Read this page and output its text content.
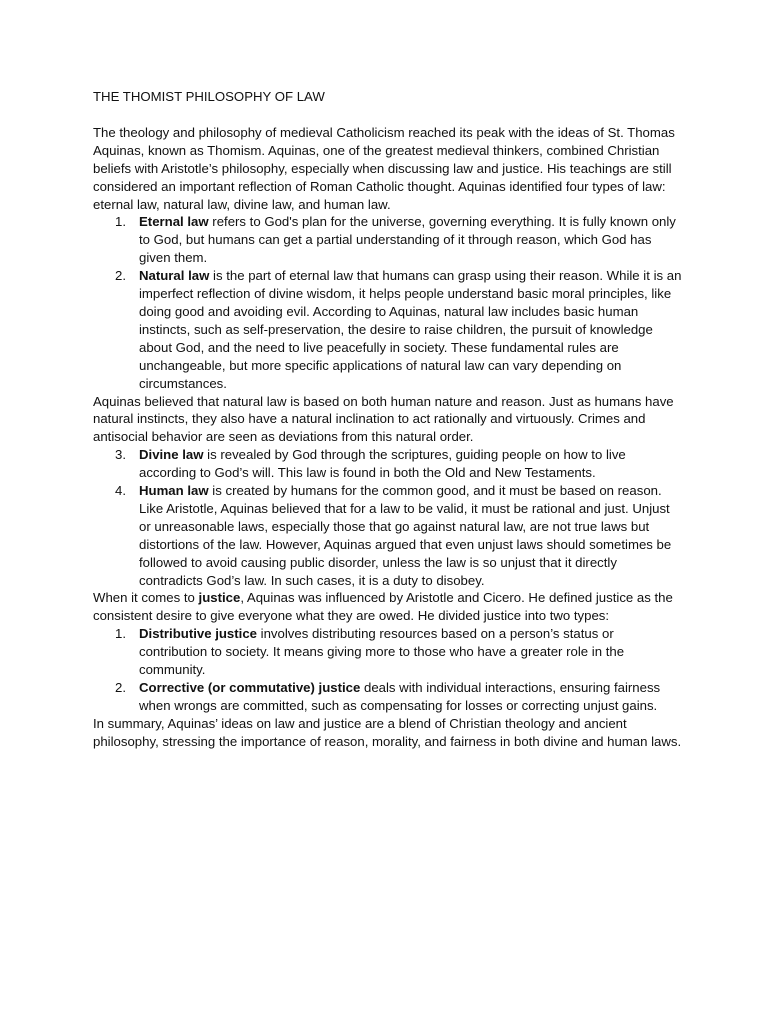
THE THOMIST PHILOSOPHY OF LAW

The theology and philosophy of medieval Catholicism reached its peak with the ideas of St. Thomas Aquinas, known as Thomism. Aquinas, one of the greatest medieval thinkers, combined Christian beliefs with Aristotle’s philosophy, especially when discussing law and justice. His teachings are still considered an important reflection of Roman Catholic thought. Aquinas identified four types of law: eternal law, natural law, divine law, and human law.

1. Eternal law refers to God's plan for the universe, governing everything. It is fully known only to God, but humans can get a partial understanding of it through reason, which God has given them.
2. Natural law is the part of eternal law that humans can grasp using their reason. While it is an imperfect reflection of divine wisdom, it helps people understand basic moral principles, like doing good and avoiding evil. According to Aquinas, natural law includes basic human instincts, such as self-preservation, the desire to raise children, the pursuit of knowledge about God, and the need to live peacefully in society. These fundamental rules are unchangeable, but more specific applications of natural law can vary depending on circumstances.

Aquinas believed that natural law is based on both human nature and reason. Just as humans have natural instincts, they also have a natural inclination to act rationally and virtuously. Crimes and antisocial behavior are seen as deviations from this natural order.

3. Divine law is revealed by God through the scriptures, guiding people on how to live according to God’s will. This law is found in both the Old and New Testaments.
4. Human law is created by humans for the common good, and it must be based on reason. Like Aristotle, Aquinas believed that for a law to be valid, it must be rational and just. Unjust or unreasonable laws, especially those that go against natural law, are not true laws but distortions of the law. However, Aquinas argued that even unjust laws should sometimes be followed to avoid causing public disorder, unless the law is so unjust that it directly contradicts God’s law. In such cases, it is a duty to disobey.

When it comes to justice, Aquinas was influenced by Aristotle and Cicero. He defined justice as the consistent desire to give everyone what they are owed. He divided justice into two types:

1. Distributive justice involves distributing resources based on a person’s status or contribution to society. It means giving more to those who have a greater role in the community.
2. Corrective (or commutative) justice deals with individual interactions, ensuring fairness when wrongs are committed, such as compensating for losses or correcting unjust gains.

In summary, Aquinas’ ideas on law and justice are a blend of Christian theology and ancient philosophy, stressing the importance of reason, morality, and fairness in both divine and human laws.
